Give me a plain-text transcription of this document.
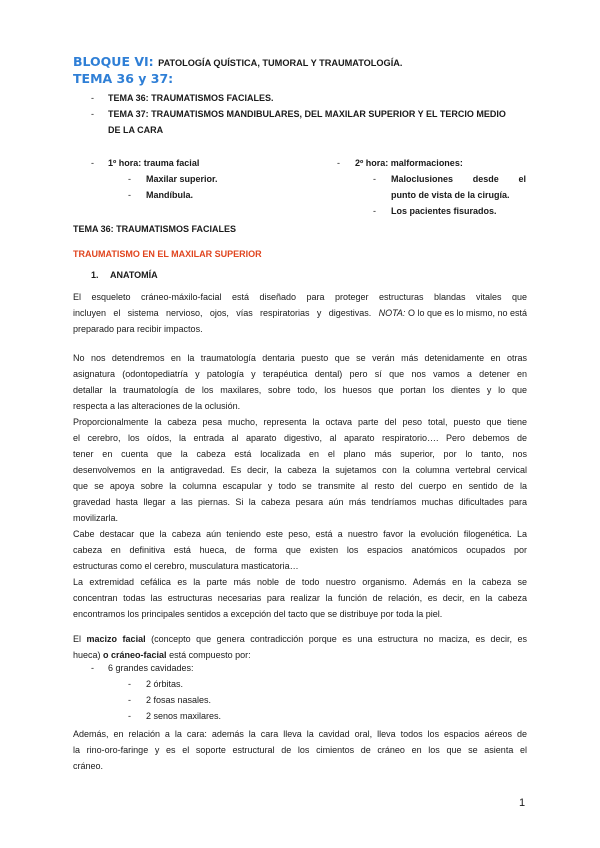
BLOQUE VI: PATOLOGÍA QUÍSTICA, TUMORAL Y TRAUMATOLOGÍA.
TEMA 36 y 37:
- TEMA 36: TRAUMATISMOS FACIALES.
- TEMA 37: TRAUMATISMOS MANDIBULARES, DEL MAXILAR SUPERIOR Y EL TERCIO MEDIO
DE LA CARA
- 1º hora: trauma facial
- Maxilar superior.
- Mandíbula.
- 2º hora: malformaciones:
- Maloclusiones desde el
punto de vista de la cirugía.
- Los pacientes fisurados.
TEMA 36: TRAUMATISMOS FACIALES
TRAUMATISMO EN EL MAXILAR SUPERIOR
1. ANATOMÍA
El esqueleto cráneo-máxilo-facial está diseñado para proteger estructuras blandas vitales que
incluyen el sistema nervioso, ojos, vías respiratorias y digestivas. NOTA: O lo que es lo mismo, no está
preparado para recibir impactos.
No nos detendremos en la traumatología dentaria puesto que se verán más detenidamente en otras
asignatura (odontopediatría y patología y terapéutica dental) pero sí que nos vamos a detener en
detallar la traumatología de los maxilares, sobre todo, los huesos que portan los dientes y lo que
respecta a las alteraciones de la oclusión.
Proporcionalmente la cabeza pesa mucho, representa la octava parte del peso total, puesto que tiene
el cerebro, los oídos, la entrada al aparato digestivo, al aparato respiratorio…. Pero debemos de
tener en cuenta que la cabeza está localizada en el plano más superior, por lo tanto, nos
desenvolvemos en la antigravedad. Es decir, la cabeza la sujetamos con la columna vertebral cervical
que se apoya sobre la columna escapular y todo se transmite al resto del cuerpo en sentido de la
gravedad hasta llegar a las piernas. Si la cabeza pesara aún más tendríamos muchas dificultades para
movilizarla.
Cabe destacar que la cabeza aún teniendo este peso, está a nuestro favor la evolución filogenética. La
cabeza en definitiva está hueca, de forma que existen los espacios anatómicos ocupados por
estructuras como el cerebro, musculatura masticatoria…
La extremidad cefálica es la parte más noble de todo nuestro organismo. Además en la cabeza se
concentran todas las estructuras necesarias para realizar la función de relación, es decir, en la cabeza
encontramos los principales sentidos a excepción del tacto que se distribuye por toda la piel.
El macizo facial (concepto que genera contradicción porque es una estructura no maciza, es decir, es
hueca) o cráneo-facial está compuesto por:
- 6 grandes cavidades:
- 2 órbitas.
- 2 fosas nasales.
- 2 senos maxilares.
Además, en relación a la cara: además la cara lleva la cavidad oral, lleva todos los espacios aéreos de
la rino-oro-faringe y es el soporte estructural de los cimientos de cráneo en los que se asienta el
cráneo.
1
